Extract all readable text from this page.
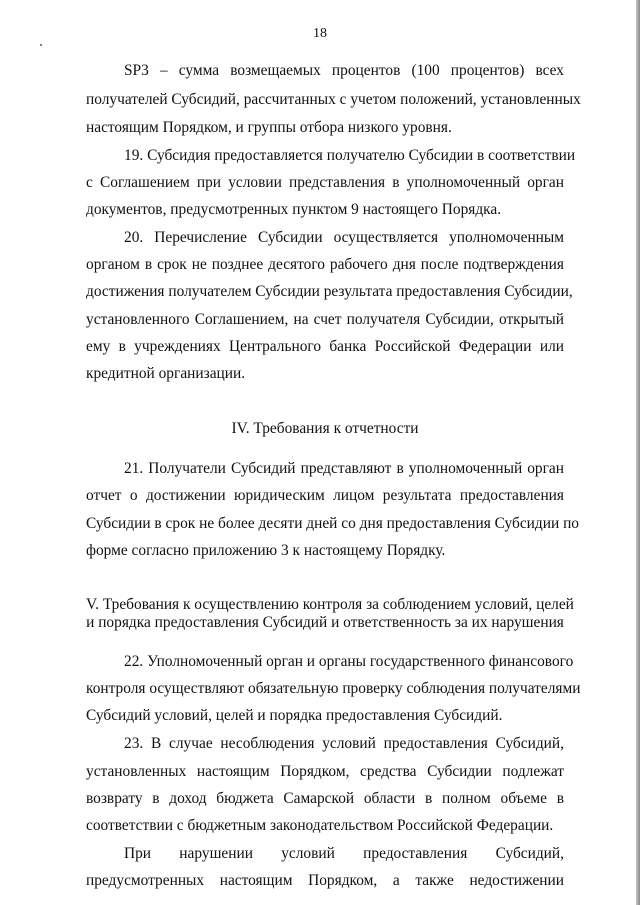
18
SP3 – сумма возмещаемых процентов (100 процентов) всех
получателей Субсидий, рассчитанных с учетом положений, установленных
настоящим Порядком, и группы отбора низкого уровня.
19. Субсидия предоставляется получателю Субсидии в соответствии
с Соглашением при условии представления в уполномоченный орган
документов, предусмотренных пунктом 9 настоящего Порядка.
20. Перечисление Субсидии осуществляется уполномоченным
органом в срок не позднее десятого рабочего дня после подтверждения
достижения получателем Субсидии результата предоставления Субсидии,
установленного Соглашением, на счет получателя Субсидии, открытый
ему в учреждениях Центрального банка Российской Федерации или
кредитной организации.
IV. Требования к отчетности
21. Получатели Субсидий представляют в уполномоченный орган
отчет о достижении юридическим лицом результата предоставления
Субсидии в срок не более десяти дней со дня предоставления Субсидии по
форме согласно приложению 3 к настоящему Порядку.
V. Требования к осуществлению контроля за соблюдением условий, целей
и порядка предоставления Субсидий и ответственность за их нарушения
22. Уполномоченный орган и органы государственного финансового
контроля осуществляют обязательную проверку соблюдения получателями
Субсидий условий, целей и порядка предоставления Субсидий.
23. В случае несоблюдения условий предоставления Субсидий,
установленных настоящим Порядком, средства Субсидии подлежат
возврату в доход бюджета Самарской области в полном объеме в
соответствии с бюджетным законодательством Российской Федерации.
При нарушении условий предоставления Субсидий,
предусмотренных настоящим Порядком, а также недостижении
